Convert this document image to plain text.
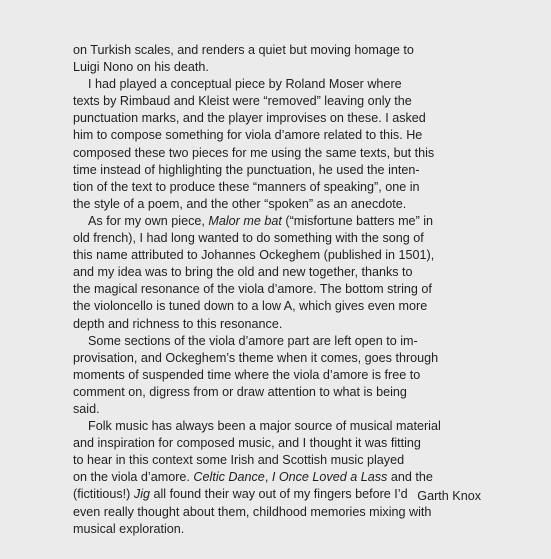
on Turkish scales, and renders a quiet but moving homage to
Luigi Nono on his death.

I had played a conceptual piece by Roland Moser where
texts by Rimbaud and Kleist were “removed” leaving only the
punctuation marks, and the player improvises on these. I asked
him to compose something for viola d’amore related to this. He
composed these two pieces for me using the same texts, but this
time instead of highlighting the punctuation, he used the inten-
tion of the text to produce these “manners of speaking”, one in
the style of a poem, and the other “spoken” as an anecdote.

As for my own piece, Malor me bat (“misfortune batters me” in
old french), I had long wanted to do something with the song of
this name attributed to Johannes Ockeghem (published in 1501),
and my idea was to bring the old and new together, thanks to
the magical resonance of the viola d’amore. The bottom string of
the violoncello is tuned down to a low A, which gives even more
depth and richness to this resonance.

Some sections of the viola d’amore part are left open to im-
provisation, and Ockeghem’s theme when it comes, goes through
moments of suspended time where the viola d’amore is free to
comment on, digress from or draw attention to what is being
said.

Folk music has always been a major source of musical material
and inspiration for composed music, and I thought it was fitting
to hear in this context some Irish and Scottish music played
on the viola d’amore. Celtic Dance, I Once Loved a Lass and the
(fictitious!) Jig all found their way out of my fingers before I’d
even really thought about them, childhood memories mixing with
musical exploration.

Garth Knox
